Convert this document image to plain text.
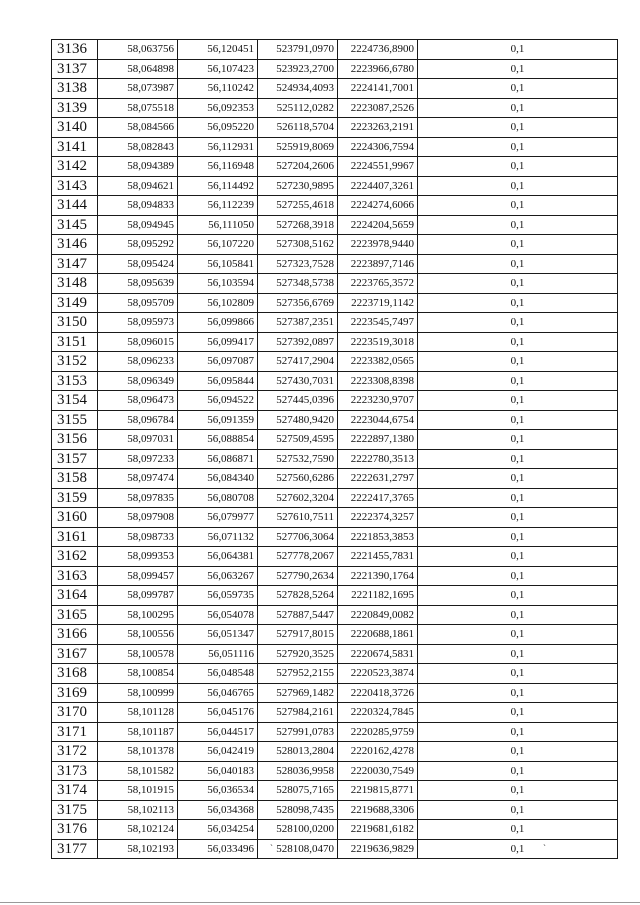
3136	58,063756	56,120451	523791,0970	2224736,8900	0,1
3137	58,064898	56,107423	523923,2700	2223966,6780	0,1
3138	58,073987	56,110242	524934,4093	2224141,7001	0,1
3139	58,075518	56,092353	525112,0282	2223087,2526	0,1
3140	58,084566	56,095220	526118,5704	2223263,2191	0,1
3141	58,082843	56,112931	525919,8069	2224306,7594	0,1
3142	58,094389	56,116948	527204,2606	2224551,9967	0,1
3143	58,094621	56,114492	527230,9895	2224407,3261	0,1
3144	58,094833	56,112239	527255,4618	2224274,6066	0,1
3145	58,094945	56,111050	527268,3918	2224204,5659	0,1
3146	58,095292	56,107220	527308,5162	2223978,9440	0,1
3147	58,095424	56,105841	527323,7528	2223897,7146	0,1
3148	58,095639	56,103594	527348,5738	2223765,3572	0,1
3149	58,095709	56,102809	527356,6769	2223719,1142	0,1
3150	58,095973	56,099866	527387,2351	2223545,7497	0,1
3151	58,096015	56,099417	527392,0897	2223519,3018	0,1
3152	58,096233	56,097087	527417,2904	2223382,0565	0,1
3153	58,096349	56,095844	527430,7031	2223308,8398	0,1
3154	58,096473	56,094522	527445,0396	2223230,9707	0,1
3155	58,096784	56,091359	527480,9420	2223044,6754	0,1
3156	58,097031	56,088854	527509,4595	2222897,1380	0,1
3157	58,097233	56,086871	527532,7590	2222780,3513	0,1
3158	58,097474	56,084340	527560,6286	2222631,2797	0,1
3159	58,097835	56,080708	527602,3204	2222417,3765	0,1
3160	58,097908	56,079977	527610,7511	2222374,3257	0,1
3161	58,098733	56,071132	527706,3064	2221853,3853	0,1
3162	58,099353	56,064381	527778,2067	2221455,7831	0,1
3163	58,099457	56,063267	527790,2634	2221390,1764	0,1
3164	58,099787	56,059735	527828,5264	2221182,1695	0,1
3165	58,100295	56,054078	527887,5447	2220849,0082	0,1
3166	58,100556	56,051347	527917,8015	2220688,1861	0,1
3167	58,100578	56,051116	527920,3525	2220674,5831	0,1
3168	58,100854	56,048548	527952,2155	2220523,3874	0,1
3169	58,100999	56,046765	527969,1482	2220418,3726	0,1
3170	58,101128	56,045176	527984,2161	2220324,7845	0,1
3171	58,101187	56,044517	527991,0783	2220285,9759	0,1
3172	58,101378	56,042419	528013,2804	2220162,4278	0,1
3173	58,101582	56,040183	528036,9958	2220030,7549	0,1
3174	58,101915	56,036534	528075,7165	2219815,8771	0,1
3175	58,102113	56,034368	528098,7435	2219688,3306	0,1
3176	58,102124	56,034254	528100,0200	2219681,6182	0,1
3177	58,102193	56,033496	528108,0470	2219636,9829	0,1
`	`
